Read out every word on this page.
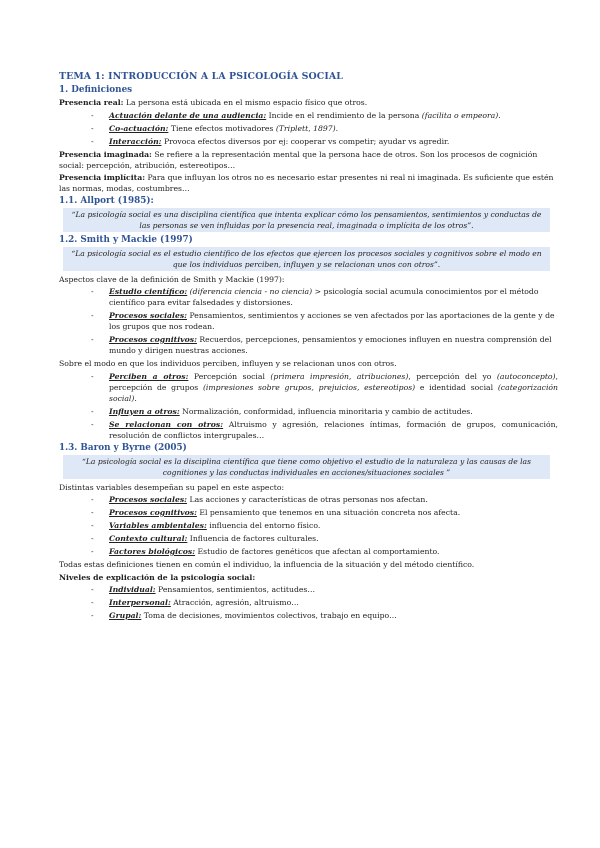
TEMA 1: INTRODUCCIÓN A LA PSICOLOGÍA SOCIAL
1. Definiciones

Presencia real: La persona está ubicada en el mismo espacio físico que otros.

- Actuación delante de una audiencia: Incide en el rendimiento de la persona (facilita o empeora).
- Co-actuación: Tiene efectos motivadores (Triplett, 1897).
- Interacción: Provoca efectos diversos por ej: cooperar vs competir; ayudar vs agredir.

Presencia imaginada: Se refiere a la representación mental que la persona hace de otros. Son los procesos de cognición social: percepción, atribución, estereotipos…

Presencia implícita: Para que influyan los otros no es necesario estar presentes ni real ni imaginada. Es suficiente que estén las normas, modas, costumbres…

1.1. Allport (1985):
“La psicología social es una disciplina científica que intenta explicar cómo los pensamientos, sentimientos y conductas de las personas se ven influidas por la presencia real, imaginada o implícita de los otros”.
1.2. Smith y Mackie (1997)
“La psicología social es el estudio científico de los efectos que ejercen los procesos sociales y cognitivos sobre el modo en que los individuos perciben, influyen y se relacionan unos con otros”.

Aspectos clave de la definición de Smith y Mackie (1997):

- Estudio científico: (diferencia ciencia - no ciencia) > psicología social acumula conocimientos por el método científico para evitar falsedades y distorsiones.
- Procesos sociales: Pensamientos, sentimientos y acciones se ven afectados por las aportaciones de la gente y de los grupos que nos rodean.
- Procesos cognitivos: Recuerdos, percepciones, pensamientos y emociones influyen en nuestra comprensión del mundo y dirigen nuestras acciones.

Sobre el modo en que los individuos perciben, influyen y se relacionan unos con otros.

- Perciben a otros: Percepción social (primera impresión, atribuciones), percepción del yo (autoconcepto), percepción de grupos (impresiones sobre grupos, prejuicios, estereotipos) e identidad social (categorización social).
- Influyen a otros: Normalización, conformidad, influencia minoritaria y cambio de actitudes.
- Se relacionan con otros: Altruismo y agresión, relaciones íntimas, formación de grupos, comunicación, resolución de conflictos intergrupales…
1.3. Baron y Byrne (2005)
“La psicología social es la disciplina científica que tiene como objetivo el estudio de la naturaleza y las causas de las cognitiones y las conductas individuales en acciones/situaciones sociales ”

Distintas variables desempeñan su papel en este aspecto:

- Procesos sociales: Las acciones y características de otras personas nos afectan.
- Procesos cognitivos: El pensamiento que tenemos en una situación concreta nos afecta.
- Variables ambientales: influencia del entorno físico.
- Contexto cultural: Influencia de factores culturales.
- Factores biológicos: Estudio de factores genéticos que afectan al comportamiento.

Todas estas definiciones tienen en común el individuo, la influencia de la situación y del método científico.

Niveles de explicación de la psicología social:

- Individual: Pensamientos, sentimientos, actitudes…
- Interpersonal: Atracción, agresión, altruismo…
- Grupal: Toma de decisiones, movimientos colectivos, trabajo en equipo…
